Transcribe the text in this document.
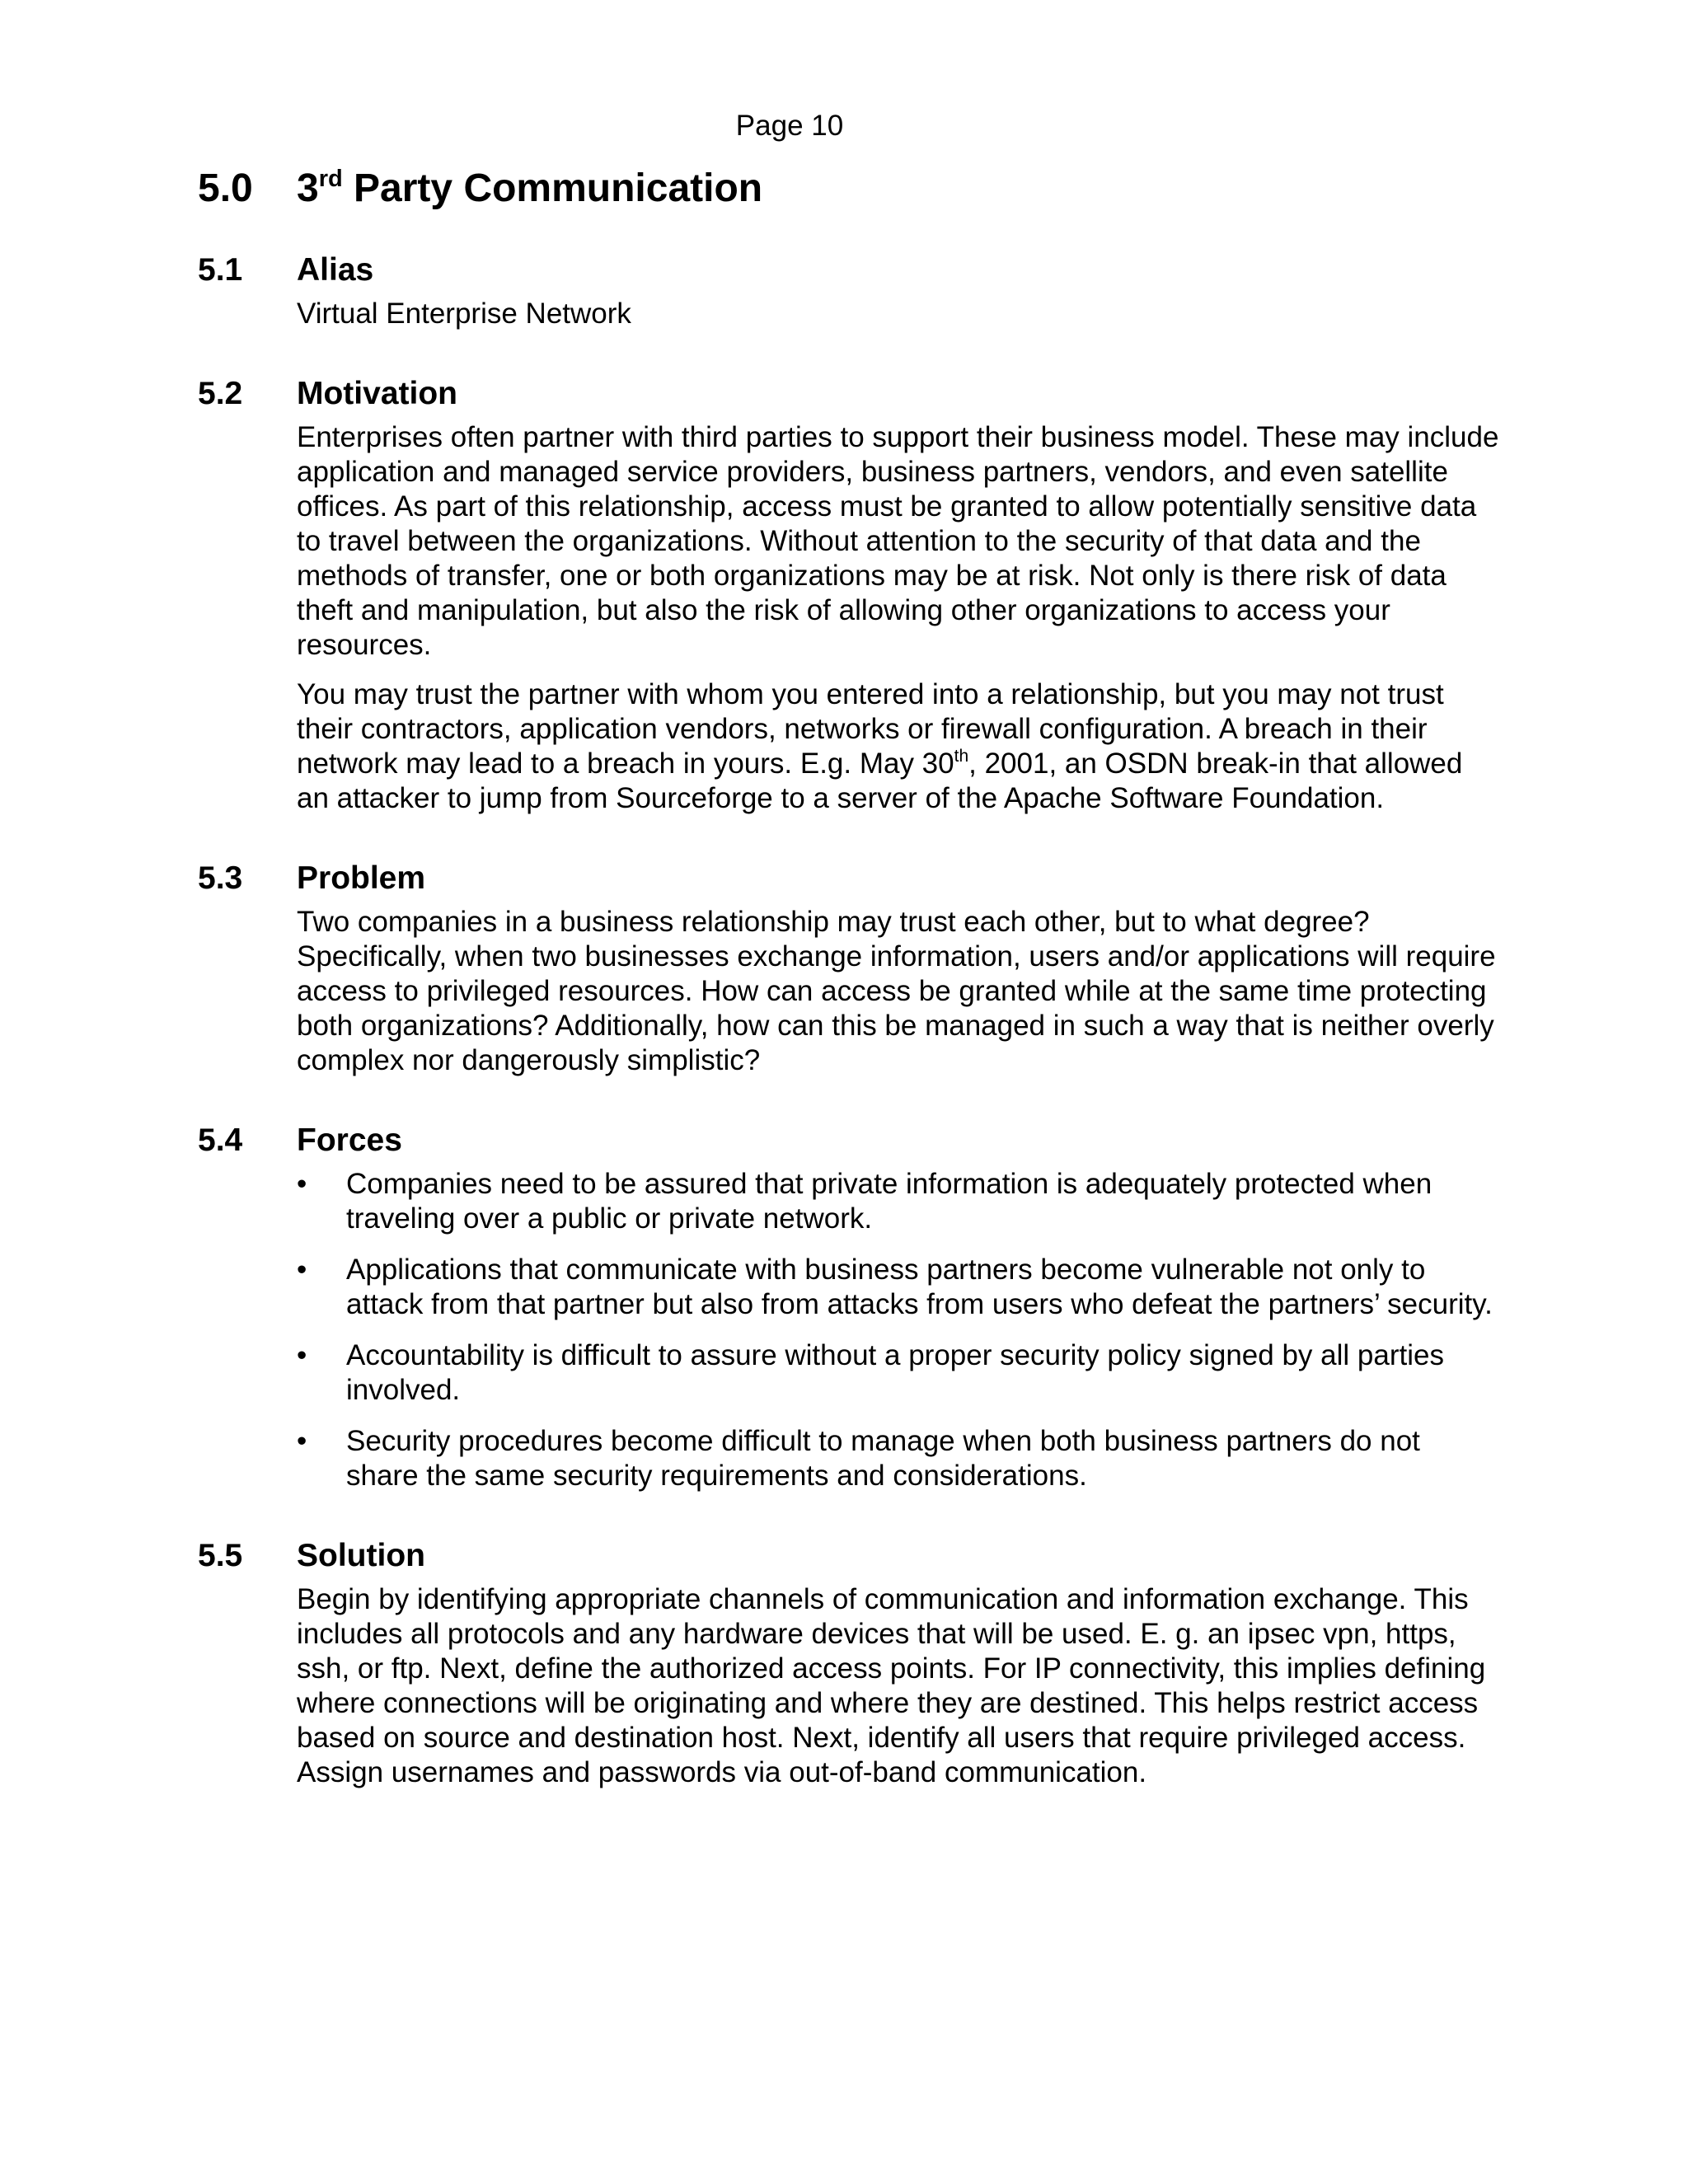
Page 10
5.0	3rd Party Communication
5.1	Alias

Virtual Enterprise Network

5.2	Motivation

Enterprises often partner with third parties to support their business model. These may include application and managed service providers, business partners, vendors, and even satellite offices. As part of this relationship, access must be granted to allow potentially sensitive data to travel between the organizations. Without attention to the security of that data and the methods of transfer, one or both organizations may be at risk. Not only is there risk of data theft and manipulation, but also the risk of allowing other organizations to access your resources.

You may trust the partner with whom you entered into a relationship, but you may not trust their contractors, application vendors, networks or firewall configuration. A breach in their network may lead to a breach in yours. E.g. May 30th, 2001, an OSDN break-in that allowed an attacker to jump from Sourceforge to a server of the Apache Software Foundation.

5.3	Problem

Two companies in a business relationship may trust each other, but to what degree? Specifically, when two businesses exchange information, users and/or applications will require access to privileged resources. How can access be granted while at the same time protecting both organizations? Additionally, how can this be managed in such a way that is neither overly complex nor dangerously simplistic?

5.4	Forces
•	Companies need to be assured that private information is adequately protected when traveling over a public or private network.
•	Applications that communicate with business partners become vulnerable not only to attack from that partner but also from attacks from users who defeat the partners’ security.
•	Accountability is difficult to assure without a proper security policy signed by all parties involved.
•	Security procedures become difficult to manage when both business partners do not share the same security requirements and considerations.
5.5	Solution

Begin by identifying appropriate channels of communication and information exchange. This includes all protocols and any hardware devices that will be used. E. g. an ipsec vpn, https, ssh, or ftp. Next, define the authorized access points. For IP connectivity, this implies defining where connections will be originating and where they are destined. This helps restrict access based on source and destination host. Next, identify all users that require privileged access. Assign usernames and passwords via out-of-band communication.
